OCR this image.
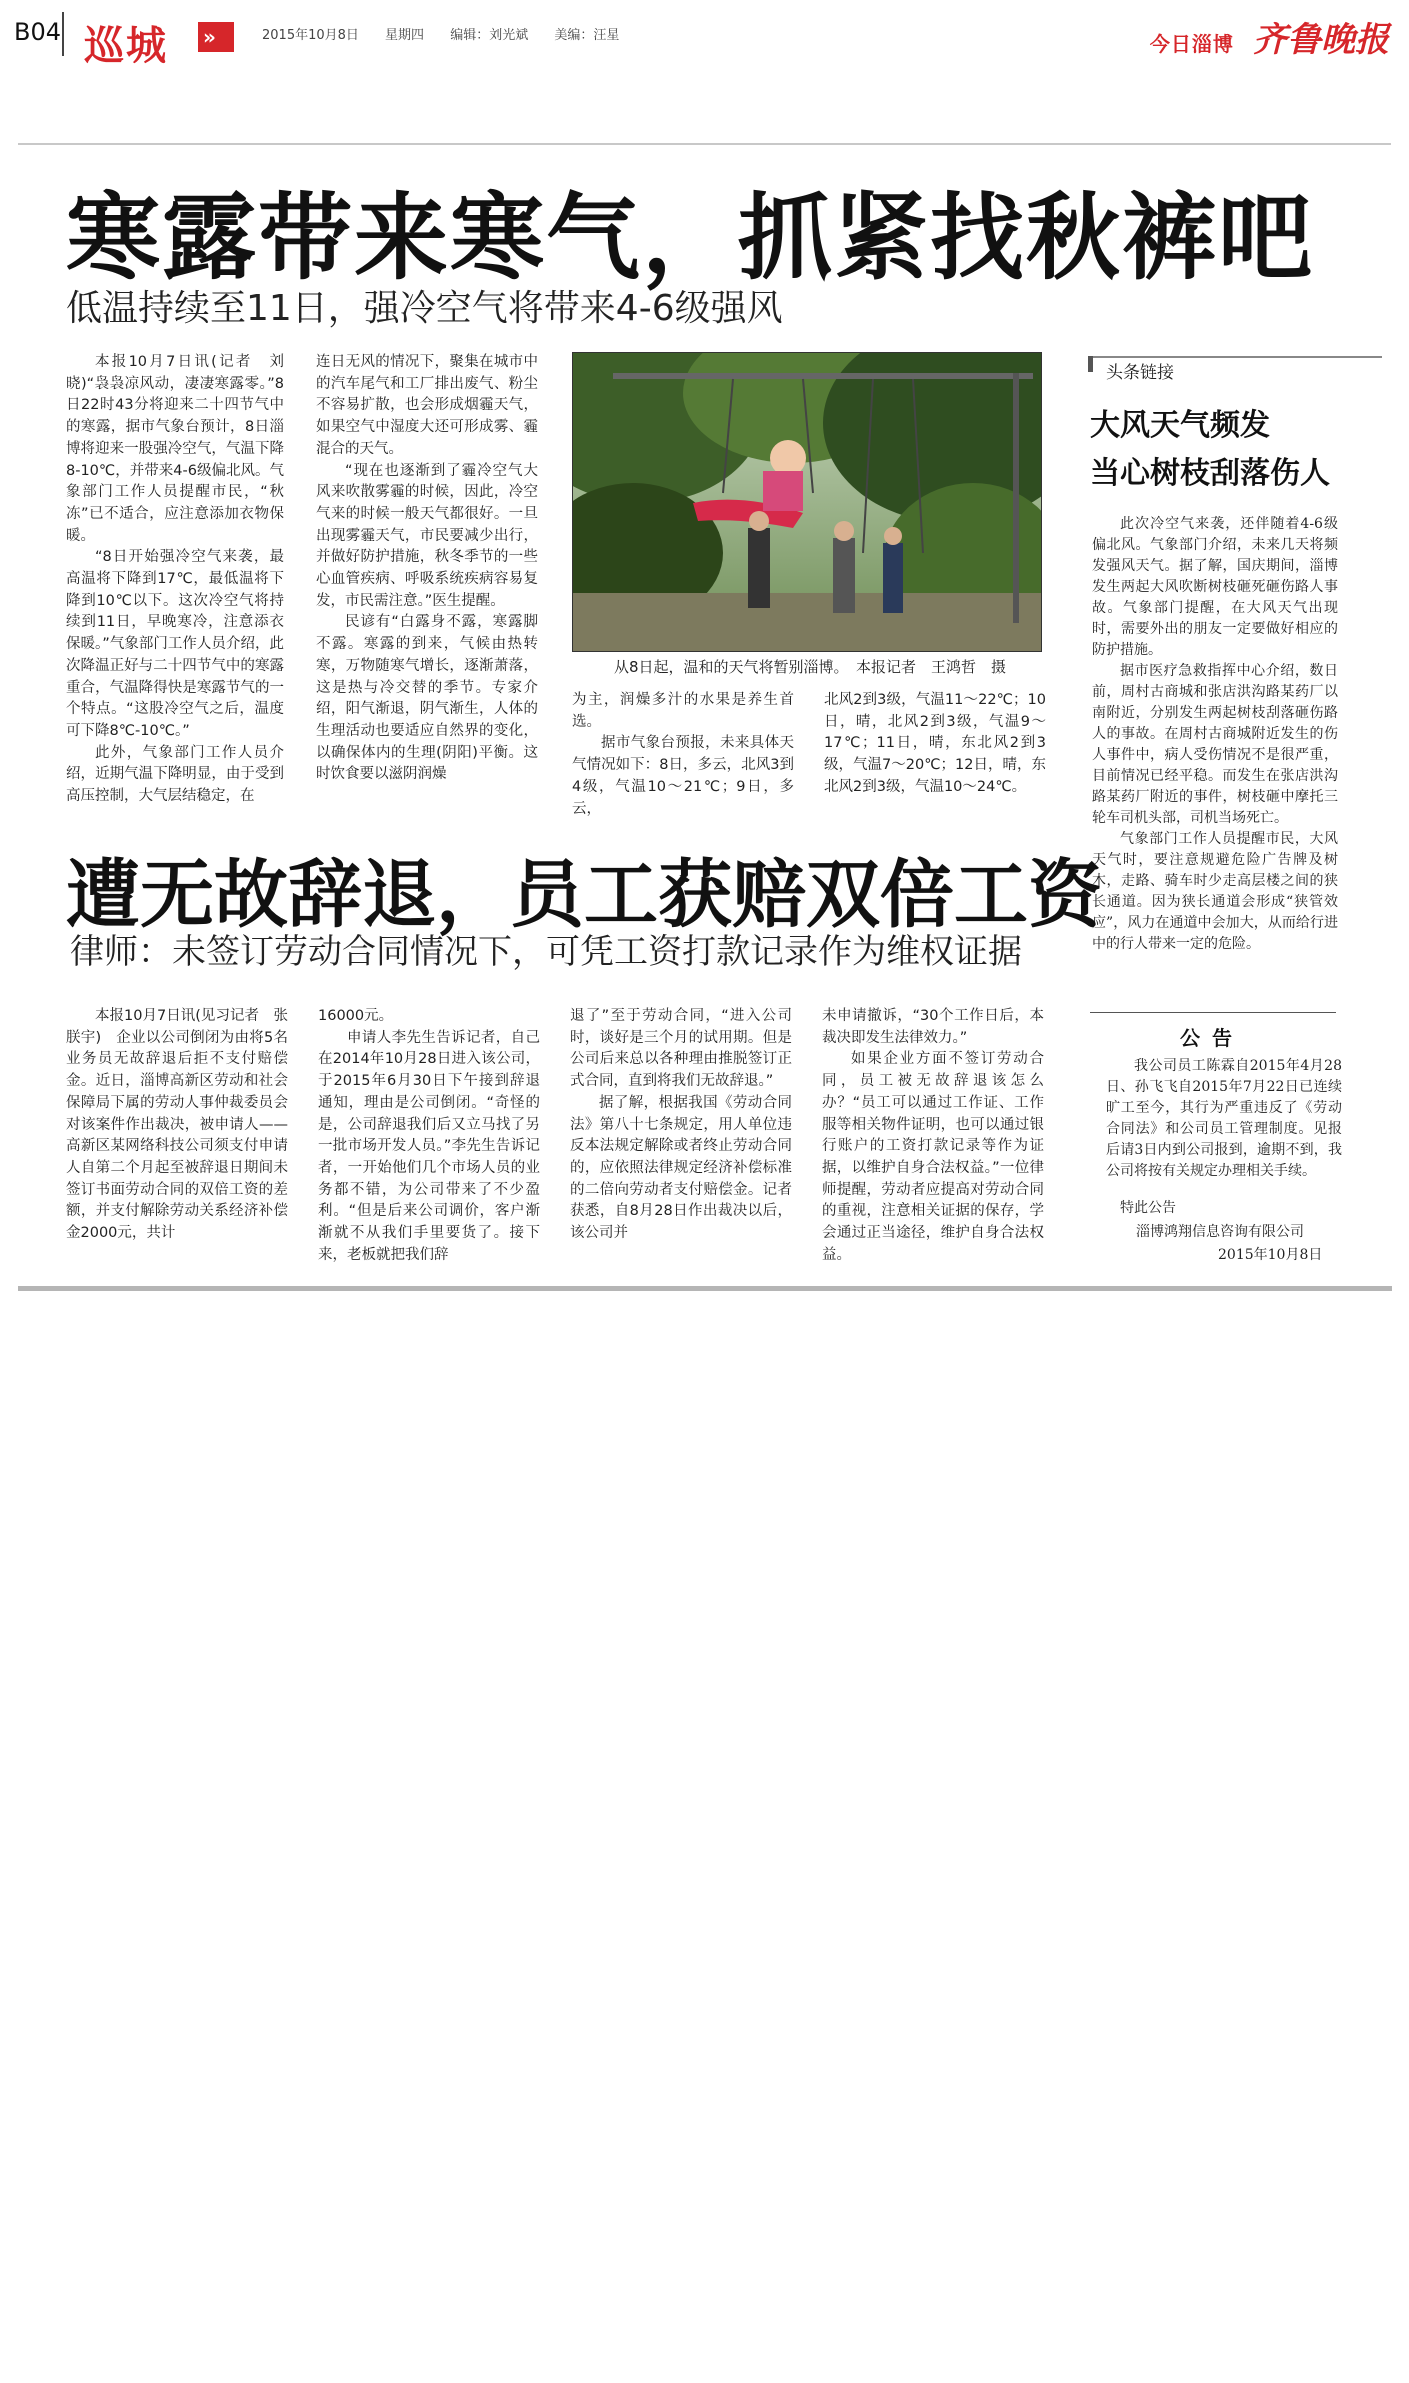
B04 巡城 »	2015年10月8日 星期四 编辑：刘光斌 美编：汪星	今日淄博 齐鲁晚报
寒露带来寒气，抓紧找秋裤吧
低温持续至11日，强冷空气将带来4-6级强风

本报10月7日讯(记者　刘晓)“袅袅凉风动，凄凄寒露零。”8日22时43分将迎来二十四节气中的寒露，据市气象台预计，8日淄博将迎来一股强冷空气，气温下降8-10℃，并带来4-6级偏北风。气象部门工作人员提醒市民，“秋冻”已不适合，应注意添加衣物保暖。

“8日开始强冷空气来袭，最高温将下降到17℃，最低温将下降到10℃以下。这次冷空气将持续到11日，早晚寒冷，注意添衣保暖。”气象部门工作人员介绍，此次降温正好与二十四节气中的寒露重合，气温降得快是寒露节气的一个特点。“这股冷空气之后，温度可下降8℃-10℃。”

此外，气象部门工作人员介绍，近期气温下降明显，由于受到高压控制，大气层结稳定，在

连日无风的情况下，聚集在城市中的汽车尾气和工厂排出废气、粉尘不容易扩散，也会形成烟霾天气，如果空气中湿度大还可形成雾、霾混合的天气。

“现在也逐渐到了霾冷空气大风来吹散雾霾的时候，因此，冷空气来的时候一般天气都很好。一旦出现雾霾天气，市民要减少出行，并做好防护措施，秋冬季节的一些心血管疾病、呼吸系统疾病容易复发，市民需注意。”医生提醒。

民谚有“白露身不露，寒露脚不露。寒露的到来，气候由热转寒，万物随寒气增长，逐渐萧落，这是热与冷交替的季节。专家介绍，阳气渐退，阴气渐生，人体的生理活动也要适应自然界的变化，以确保体内的生理(阴阳)平衡。这时饮食要以滋阴润燥

从8日起，温和的天气将暂别淄博。　本报记者　王鸿哲　摄

为主，润燥多汁的水果是养生首选。

据市气象台预报，未来具体天气情况如下：8日，多云，北风3到4级，气温10～21℃；9日，多云，

北风2到3级，气温11～22℃；10日，晴，北风2到3级，气温9～17℃；11日，晴，东北风2到3级，气温7～20℃；12日，晴，东北风2到3级，气温10～24℃。

头条链接
大风天气频发
当心树枝刮落伤人

此次冷空气来袭，还伴随着4-6级偏北风。气象部门介绍，未来几天将频发强风天气。据了解，国庆期间，淄博发生两起大风吹断树枝砸死砸伤路人事故。气象部门提醒，在大风天气出现时，需要外出的朋友一定要做好相应的防护措施。

据市医疗急救指挥中心介绍，数日前，周村古商城和张店洪沟路某药厂以南附近，分别发生两起树枝刮落砸伤路人的事故。在周村古商城附近发生的伤人事件中，病人受伤情况不是很严重，目前情况已经平稳。而发生在张店洪沟路某药厂附近的事件，树枝砸中摩托三轮车司机头部，司机当场死亡。

气象部门工作人员提醒市民，大风天气时，要注意规避危险广告牌及树木，走路、骑车时少走高层楼之间的狭长通道。因为狭长通道会形成“狭管效应”，风力在通道中会加大，从而给行进中的行人带来一定的危险。

公告

我公司员工陈霖自2015年4月28日、孙飞飞自2015年7月22日已连续旷工至今，其行为严重违反了《劳动合同法》和公司员工管理制度。见报后请3日内到公司报到，逾期不到，我公司将按有关规定办理相关手续。

特此公告
淄博鸿翔信息咨询有限公司
2015年10月8日
遭无故辞退，员工获赔双倍工资
律师：未签订劳动合同情况下，可凭工资打款记录作为维权证据

本报10月7日讯(见习记者　张朕宇)　企业以公司倒闭为由将5名业务员无故辞退后拒不支付赔偿金。近日，淄博高新区劳动和社会保障局下属的劳动人事仲裁委员会对该案件作出裁决，被申请人——高新区某网络科技公司须支付申请人自第二个月起至被辞退日期间未签订书面劳动合同的双倍工资的差额，并支付解除劳动关系经济补偿金2000元，共计

16000元。

申请人李先生告诉记者，自己在2014年10月28日进入该公司，于2015年6月30日下午接到辞退通知，理由是公司倒闭。“奇怪的是，公司辞退我们后又立马找了另一批市场开发人员。”李先生告诉记者，一开始他们几个市场人员的业务都不错，为公司带来了不少盈利。“但是后来公司调价，客户渐渐就不从我们手里要货了。接下来，老板就把我们辞

退了”至于劳动合同，“进入公司时，谈好是三个月的试用期。但是公司后来总以各种理由推脱签订正式合同，直到将我们无故辞退。”

据了解，根据我国《劳动合同法》第八十七条规定，用人单位违反本法规定解除或者终止劳动合同的，应依照法律规定经济补偿标准的二倍向劳动者支付赔偿金。记者获悉，自8月28日作出裁决以后，该公司并

未申请撤诉，“30个工作日后，本裁决即发生法律效力。”

如果企业方面不签订劳动合同，员工被无故辞退该怎么办？“员工可以通过工作证、工作服等相关物件证明，也可以通过银行账户的工资打款记录等作为证据，以维护自身合法权益。”一位律师提醒，劳动者应提高对劳动合同的重视，注意相关证据的保存，学会通过正当途径，维护自身合法权益。
